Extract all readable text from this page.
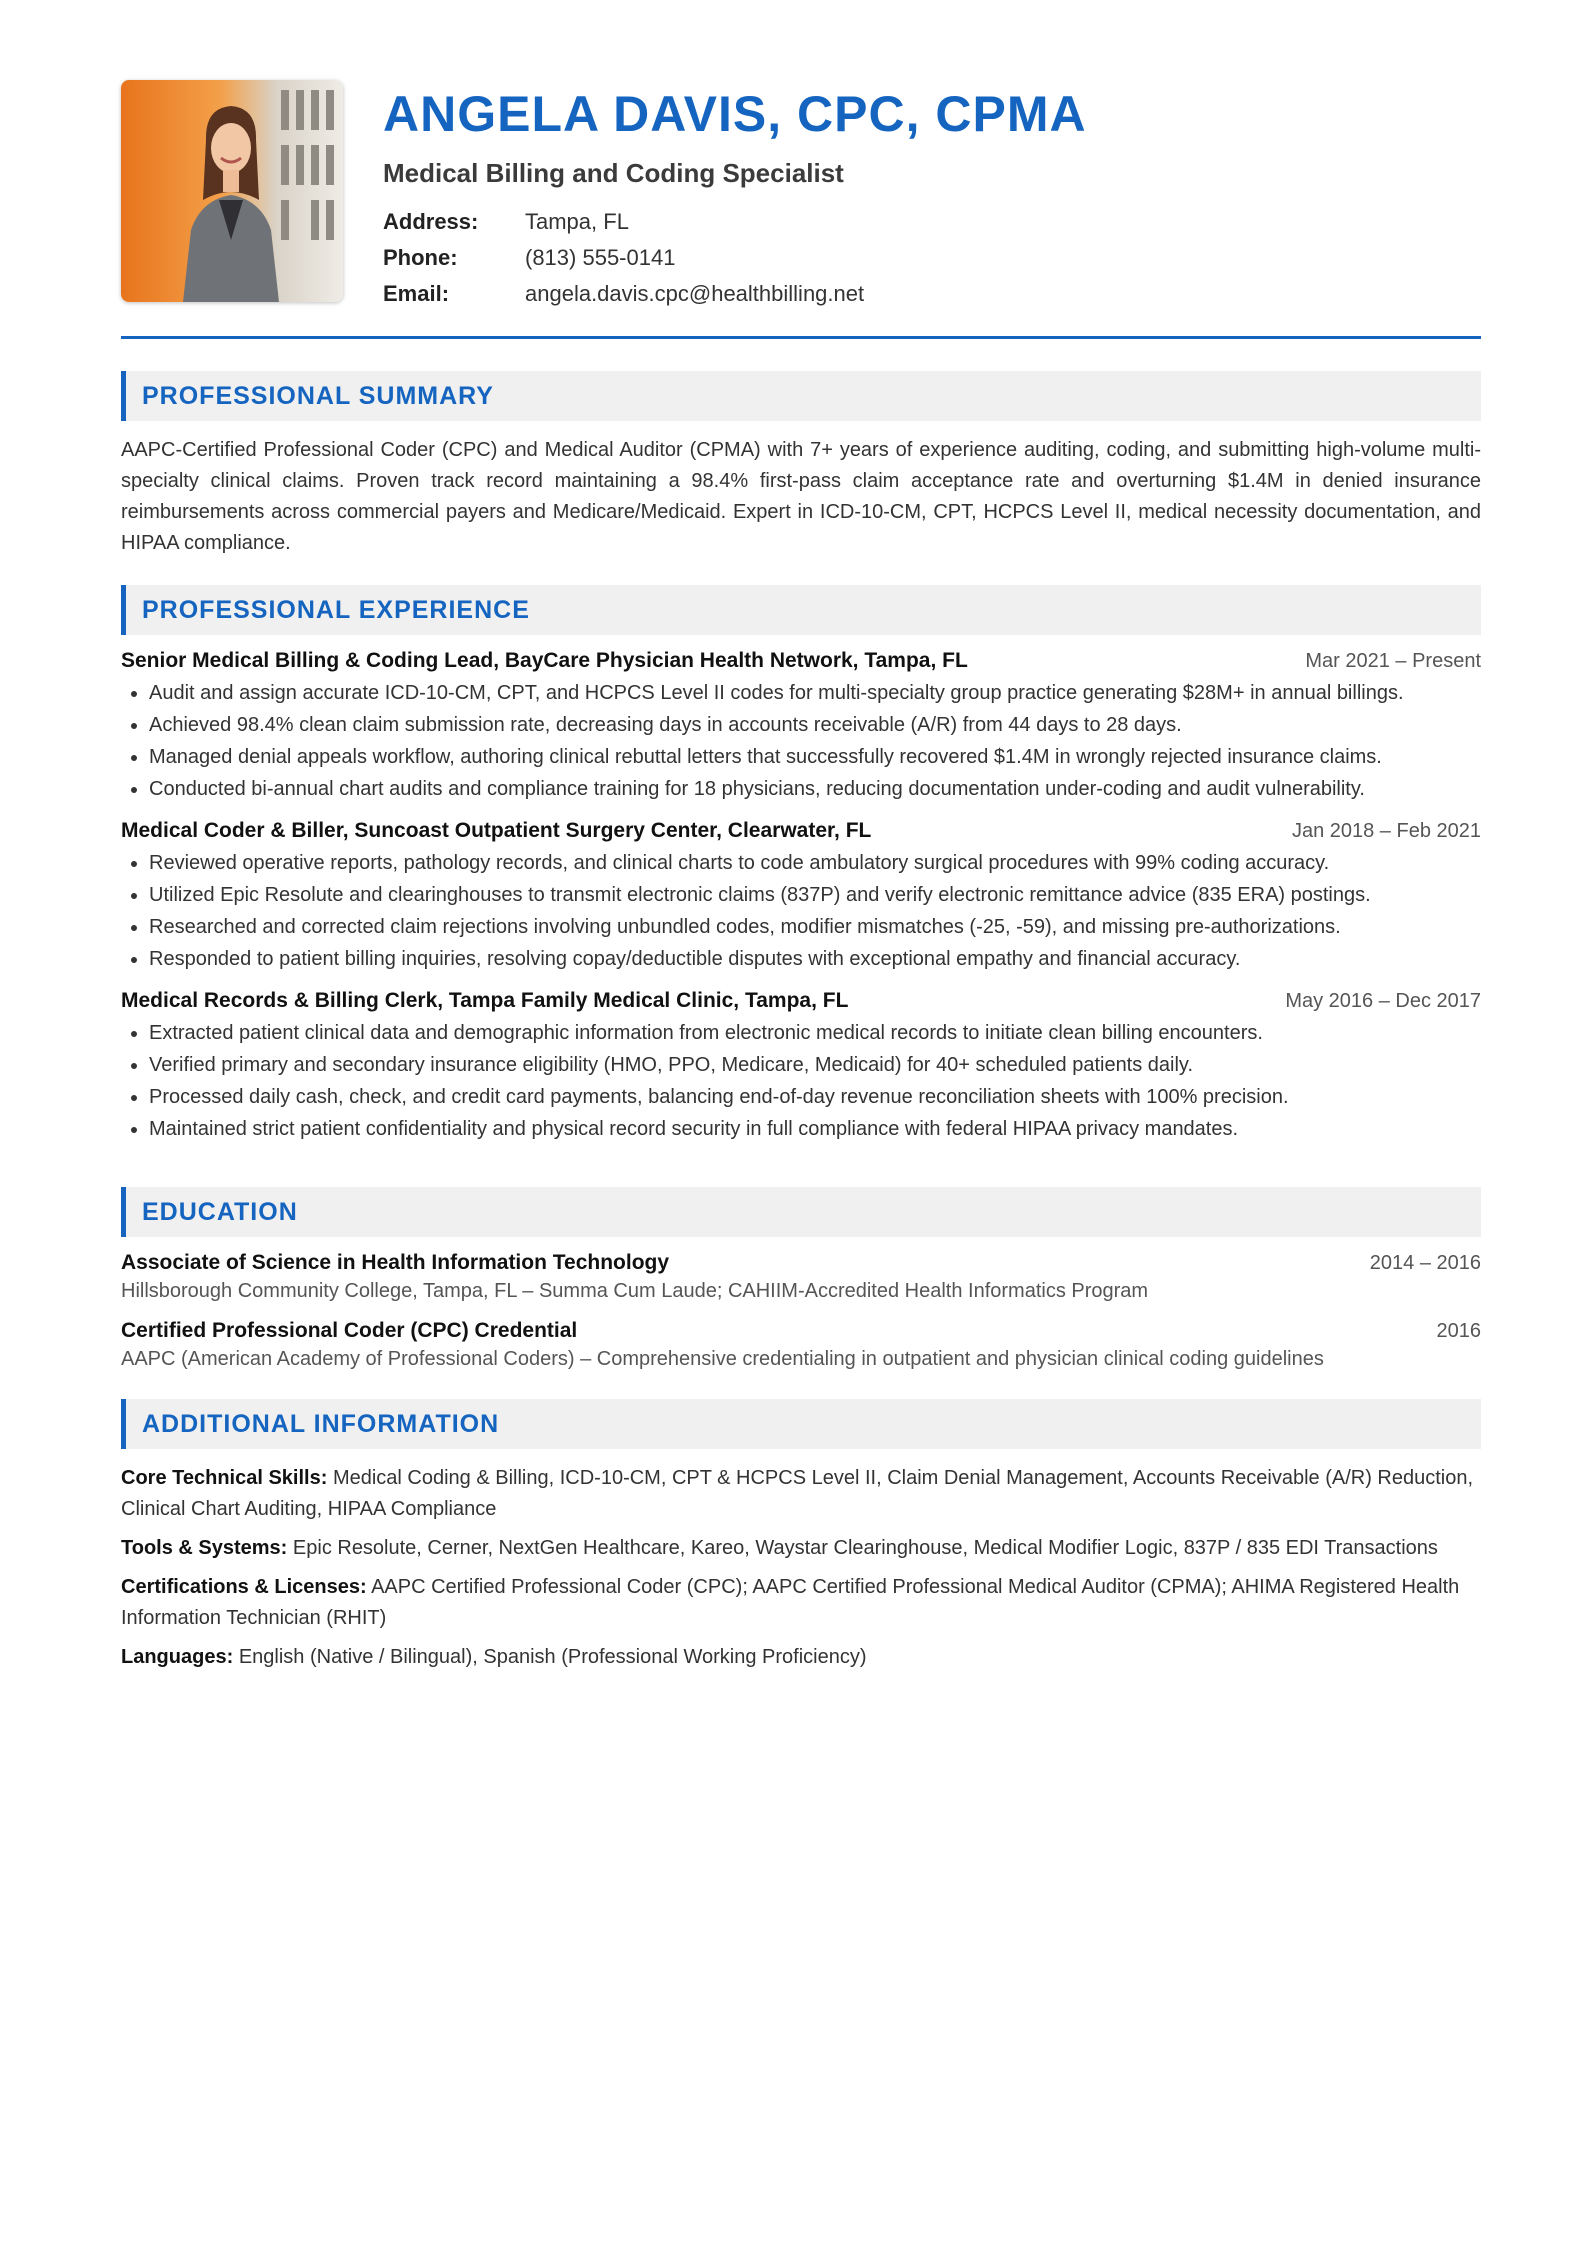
ANGELA DAVIS, CPC, CPMA
Medical Billing and Coding Specialist
Address:	Tampa, FL
Phone:	(813) 555-0141
Email:	angela.davis.cpc@healthbilling.net
PROFESSIONAL SUMMARY
AAPC-Certified Professional Coder (CPC) and Medical Auditor (CPMA) with 7+ years of experience auditing, coding, and submitting high-volume multi-specialty clinical claims. Proven track record maintaining a 98.4% first-pass claim acceptance rate and overturning $1.4M in denied insurance reimbursements across commercial payers and Medicare/Medicaid. Expert in ICD-10-CM, CPT, HCPCS Level II, medical necessity documentation, and HIPAA compliance.
PROFESSIONAL EXPERIENCE
Senior Medical Billing & Coding Lead, BayCare Physician Health Network, Tampa, FL	Mar 2021 – Present
• Audit and assign accurate ICD-10-CM, CPT, and HCPCS Level II codes for multi-specialty group practice generating $28M+ in annual billings.
• Achieved 98.4% clean claim submission rate, decreasing days in accounts receivable (A/R) from 44 days to 28 days.
• Managed denial appeals workflow, authoring clinical rebuttal letters that successfully recovered $1.4M in wrongly rejected insurance claims.
• Conducted bi-annual chart audits and compliance training for 18 physicians, reducing documentation under-coding and audit vulnerability.
Medical Coder & Biller, Suncoast Outpatient Surgery Center, Clearwater, FL	Jan 2018 – Feb 2021
• Reviewed operative reports, pathology records, and clinical charts to code ambulatory surgical procedures with 99% coding accuracy.
• Utilized Epic Resolute and clearinghouses to transmit electronic claims (837P) and verify electronic remittance advice (835 ERA) postings.
• Researched and corrected claim rejections involving unbundled codes, modifier mismatches (-25, -59), and missing pre-authorizations.
• Responded to patient billing inquiries, resolving copay/deductible disputes with exceptional empathy and financial accuracy.
Medical Records & Billing Clerk, Tampa Family Medical Clinic, Tampa, FL	May 2016 – Dec 2017
• Extracted patient clinical data and demographic information from electronic medical records to initiate clean billing encounters.
• Verified primary and secondary insurance eligibility (HMO, PPO, Medicare, Medicaid) for 40+ scheduled patients daily.
• Processed daily cash, check, and credit card payments, balancing end-of-day revenue reconciliation sheets with 100% precision.
• Maintained strict patient confidentiality and physical record security in full compliance with federal HIPAA privacy mandates.
EDUCATION
Associate of Science in Health Information Technology	2014 – 2016
Hillsborough Community College, Tampa, FL – Summa Cum Laude; CAHIIM-Accredited Health Informatics Program
Certified Professional Coder (CPC) Credential	2016
AAPC (American Academy of Professional Coders) – Comprehensive credentialing in outpatient and physician clinical coding guidelines
ADDITIONAL INFORMATION
Core Technical Skills: Medical Coding & Billing, ICD-10-CM, CPT & HCPCS Level II, Claim Denial Management, Accounts Receivable (A/R) Reduction, Clinical Chart Auditing, HIPAA Compliance
Tools & Systems: Epic Resolute, Cerner, NextGen Healthcare, Kareo, Waystar Clearinghouse, Medical Modifier Logic, 837P / 835 EDI Transactions
Certifications & Licenses: AAPC Certified Professional Coder (CPC); AAPC Certified Professional Medical Auditor (CPMA); AHIMA Registered Health Information Technician (RHIT)
Languages: English (Native / Bilingual), Spanish (Professional Working Proficiency)
